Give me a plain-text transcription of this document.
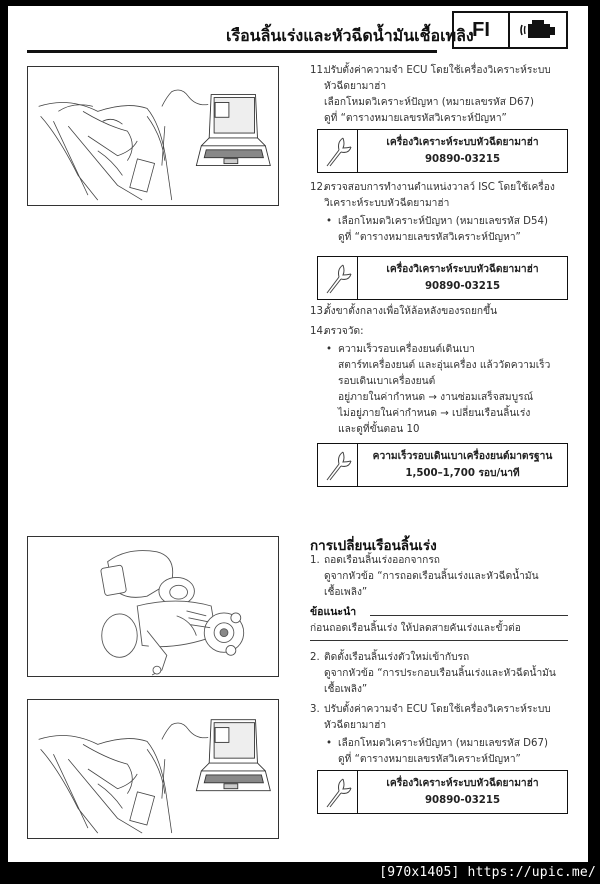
เรือนลิ้นเร่งและหัวฉีดน้ำมันเชื้อเพลิง
FI
11.
ปรับตั้งค่าความจำ ECU โดยใช้เครื่องวิเคราะห์ระบบ
หัวฉีดยามาฮ่า
เลือกโหมดวิเคราะห์ปัญหา (หมายเลขรหัส D67)
ดูที่ “ตารางหมายเลขรหัสวิเคราะห์ปัญหา”
เครื่องวิเคราะห์ระบบหัวฉีดยามาฮ่า
90890-03215
12.
ตรวจสอบการทำงานตำแหน่งวาลว์ ISC โดยใช้เครื่อง
วิเคราะห์ระบบหัวฉีดยามาฮ่า
• เลือกโหมดวิเคราะห์ปัญหา (หมายเลขรหัส D54)
ดูที่ “ตารางหมายเลขรหัสวิเคราะห์ปัญหา”
เครื่องวิเคราะห์ระบบหัวฉีดยามาฮ่า
90890-03215
13.
ตั้งขาตั้งกลางเพื่อให้ล้อหลังของรถยกขึ้น
14.
ตรวจวัด:
• ความเร็วรอบเครื่องยนต์เดินเบา
สตาร์ทเครื่องยนต์ และอุ่นเครื่อง แล้ววัดความเร็ว
รอบเดินเบาเครื่องยนต์
อยู่ภายในค่ากำหนด → งานซ่อมเสร็จสมบูรณ์
ไม่อยู่ภายในค่ากำหนด → เปลี่ยนเรือนลิ้นเร่ง
และดูที่ขั้นตอน 10
ความเร็วรอบเดินเบาเครื่องยนต์มาตรฐาน
1,500–1,700 รอบ/นาที
การเปลี่ยนเรือนลิ้นเร่ง
1. ถอดเรือนลิ้นเร่งออกจากรถ
ดูจากหัวข้อ “การถอดเรือนลิ้นเร่งและหัวฉีดน้ำมัน
เชื้อเพลิง”
ข้อแนะนำ
ก่อนถอดเรือนลิ้นเร่ง ให้ปลดสายคันเร่งและขั้วต่อ
2. ติดตั้งเรือนลิ้นเร่งตัวใหม่เข้ากับรถ
ดูจากหัวข้อ “การประกอบเรือนลิ้นเร่งและหัวฉีดน้ำมัน
เชื้อเพลิง”
3. ปรับตั้งค่าความจำ ECU โดยใช้เครื่องวิเคราะห์ระบบ
หัวฉีดยามาฮ่า
• เลือกโหมดวิเคราะห์ปัญหา (หมายเลขรหัส D67)
ดูที่ “ตารางหมายเลขรหัสวิเคราะห์ปัญหา”
เครื่องวิเคราะห์ระบบหัวฉีดยามาฮ่า
90890-03215
[970x1405] https://upic.me/
